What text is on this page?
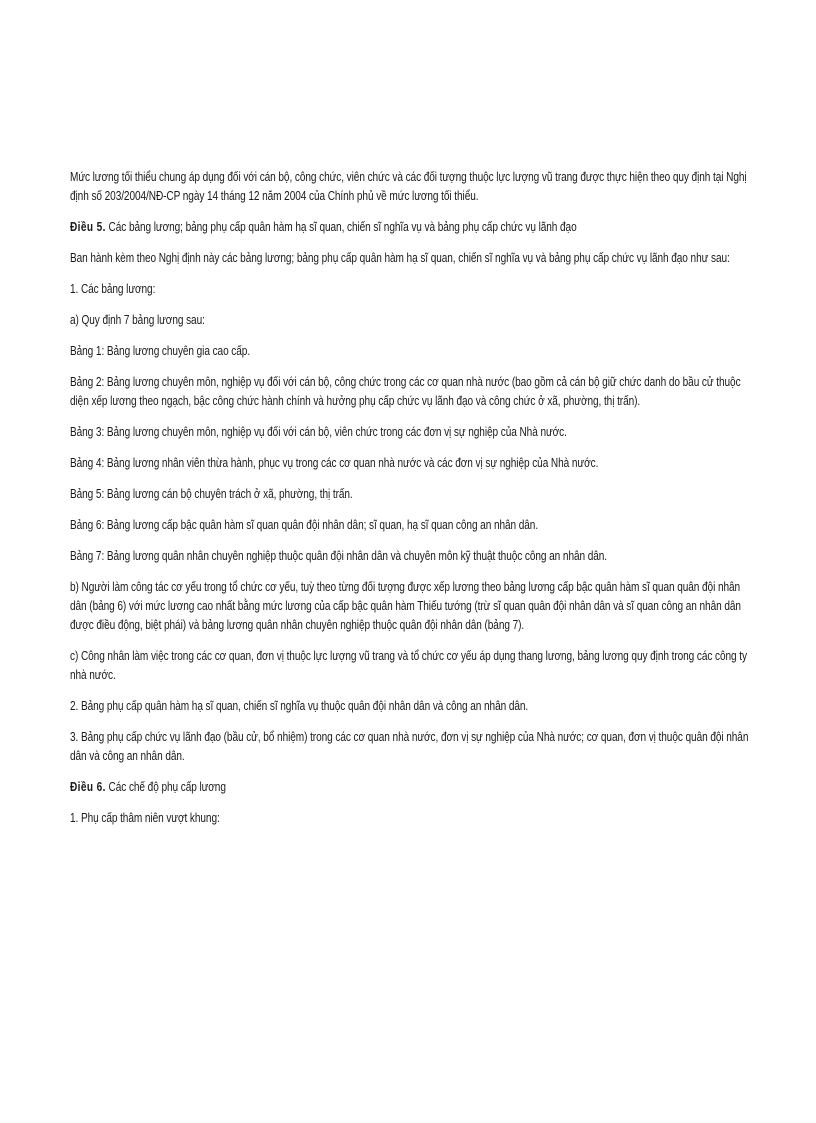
Mức lương tối thiểu chung áp dụng đối với cán bộ, công chức, viên chức và các đối tượng thuộc lực lượng vũ trang được thực hiện theo quy định tại Nghị định số 203/2004/NĐ-CP ngày 14 tháng 12 năm 2004 của Chính phủ về mức lương tối thiểu.

Điều 5. Các bảng lương; bảng phụ cấp quân hàm hạ sĩ quan, chiến sĩ nghĩa vụ và bảng phụ cấp chức vụ lãnh đạo

Ban hành kèm theo Nghị định này các bảng lương; bảng phụ cấp quân hàm hạ sĩ quan, chiến sĩ nghĩa vụ và bảng phụ cấp chức vụ lãnh đạo như sau:

1. Các bảng lương:

a) Quy định 7 bảng lương sau:

Bảng 1: Bảng lương chuyên gia cao cấp.

Bảng 2: Bảng lương chuyên môn, nghiệp vụ đối với cán bộ, công chức trong các cơ quan nhà nước (bao gồm cả cán bộ giữ chức danh do bầu cử thuộc diện xếp lương theo ngạch, bậc công chức hành chính và hưởng phụ cấp chức vụ lãnh đạo và công chức ở xã, phường, thị trấn).

Bảng 3: Bảng lương chuyên môn, nghiệp vụ đối với cán bộ, viên chức trong các đơn vị sự nghiệp của Nhà nước.

Bảng 4: Bảng lương nhân viên thừa hành, phục vụ trong các cơ quan nhà nước và các đơn vị sự nghiệp của Nhà nước.

Bảng 5: Bảng lương cán bộ chuyên trách ở xã, phường, thị trấn.

Bảng 6: Bảng lương cấp bậc quân hàm sĩ quan quân đội nhân dân; sĩ quan, hạ sĩ quan công an nhân dân.

Bảng 7: Bảng lương quân nhân chuyên nghiệp thuộc quân đội nhân dân và chuyên môn kỹ thuật thuộc công an nhân dân.

b) Người làm công tác cơ yếu trong tổ chức cơ yếu, tuỳ theo từng đối tượng được xếp lương theo bảng lương cấp bậc quân hàm sĩ quan quân đội nhân dân (bảng 6) với mức lương cao nhất bằng mức lương của cấp bậc quân hàm Thiếu tướng (trừ sĩ quan quân đội nhân dân và sĩ quan công an nhân dân được điều động, biệt phái) và bảng lương quân nhân chuyên nghiệp thuộc quân đội nhân dân (bảng 7).

c) Công nhân làm việc trong các cơ quan, đơn vị thuộc lực lượng vũ trang và tổ chức cơ yếu áp dụng thang lương, bảng lương quy định trong các công ty nhà nước.

2. Bảng phụ cấp quân hàm hạ sĩ quan, chiến sĩ nghĩa vụ thuộc quân đội nhân dân và công an nhân dân.

3. Bảng phụ cấp chức vụ lãnh đạo (bầu cử, bổ nhiệm) trong các cơ quan nhà nước, đơn vị sự nghiệp của Nhà nước; cơ quan, đơn vị thuộc quân đội nhân dân và công an nhân dân.

Điều 6. Các chế độ phụ cấp lương

1. Phụ cấp thâm niên vượt khung:
